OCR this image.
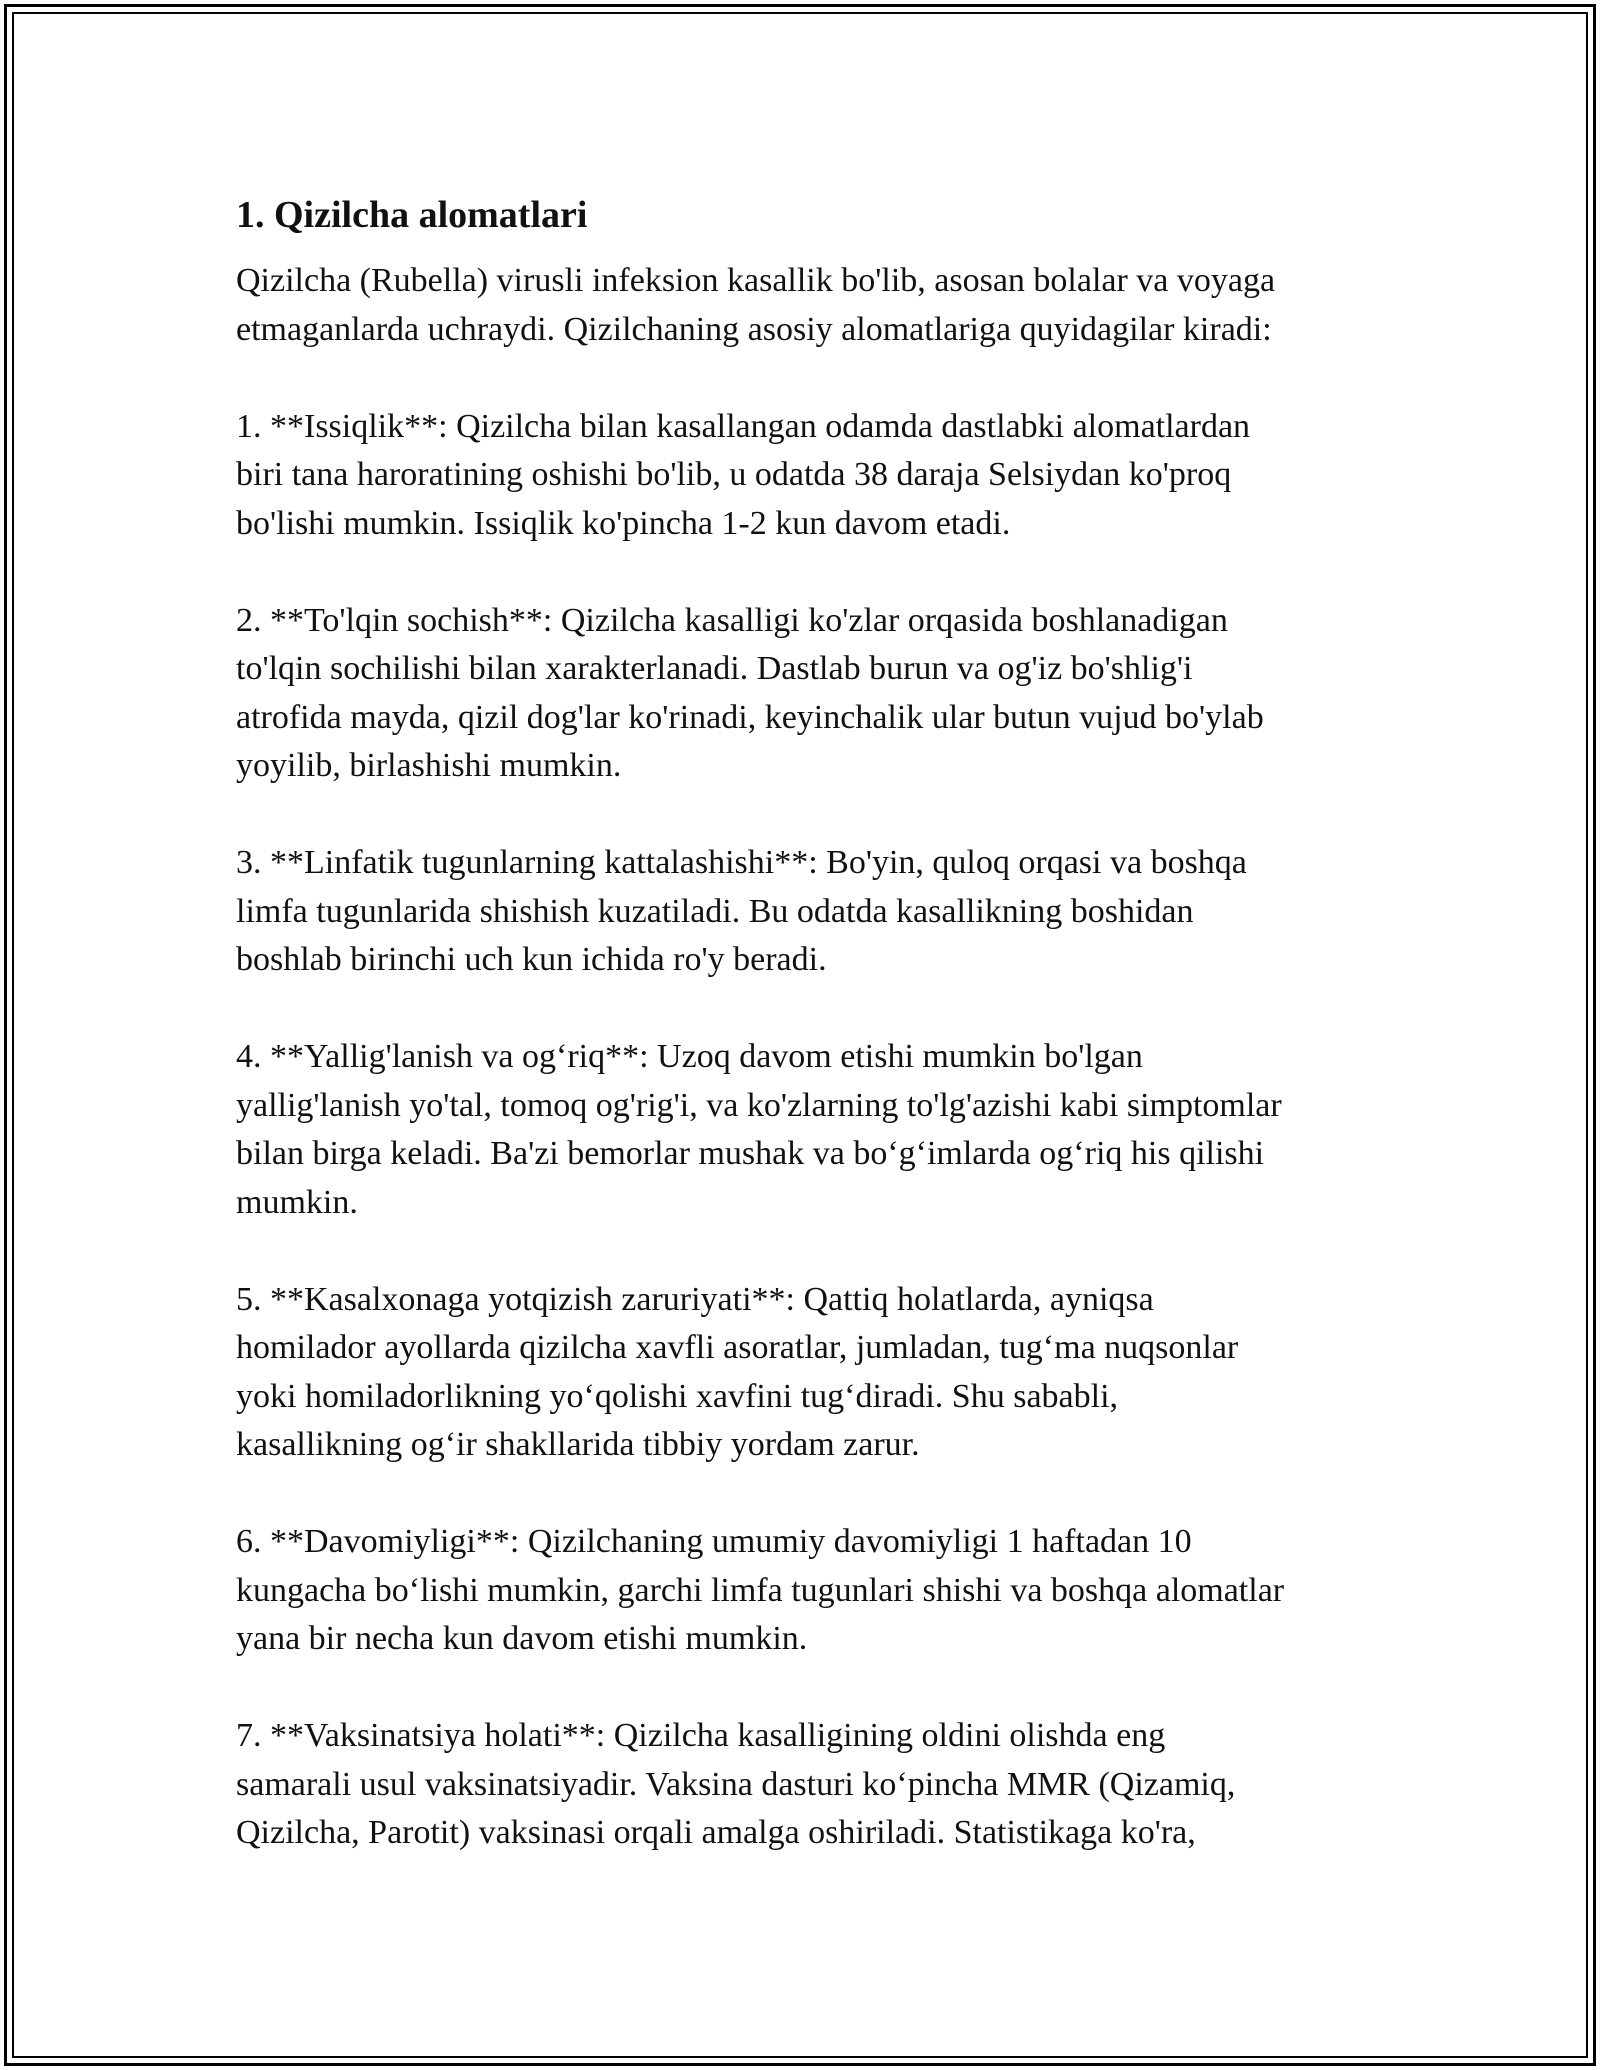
1. Qizilcha alomatlari

Qizilcha (Rubella) virusli infeksion kasallik bo'lib, asosan bolalar va voyaga
etmaganlarda uchraydi. Qizilchaning asosiy alomatlariga quyidagilar kiradi:

1. **Issiqlik**: Qizilcha bilan kasallangan odamda dastlabki alomatlardan
biri tana haroratining oshishi bo'lib, u odatda 38 daraja Selsiydan ko'proq
bo'lishi mumkin. Issiqlik ko'pincha 1-2 kun davom etadi.

2. **To'lqin sochish**: Qizilcha kasalligi ko'zlar orqasida boshlanadigan
to'lqin sochilishi bilan xarakterlanadi. Dastlab burun va og'iz bo'shlig'i
atrofida mayda, qizil dog'lar ko'rinadi, keyinchalik ular butun vujud bo'ylab
yoyilib, birlashishi mumkin.

3. **Linfatik tugunlarning kattalashishi**: Bo'yin, quloq orqasi va boshqa
limfa tugunlarida shishish kuzatiladi. Bu odatda kasallikning boshidan
boshlab birinchi uch kun ichida ro'y beradi.

4. **Yallig'lanish va og‘riq**: Uzoq davom etishi mumkin bo'lgan
yallig'lanish yo'tal, tomoq og'rig'i, va ko'zlarning to'lg'azishi kabi simptomlar
bilan birga keladi. Ba'zi bemorlar mushak va bo‘g‘imlarda og‘riq his qilishi
mumkin.

5. **Kasalxonaga yotqizish zaruriyati**: Qattiq holatlarda, ayniqsa
homilador ayollarda qizilcha xavfli asoratlar, jumladan, tug‘ma nuqsonlar
yoki homiladorlikning yo‘qolishi xavfini tug‘diradi. Shu sababli,
kasallikning og‘ir shakllarida tibbiy yordam zarur.

6. **Davomiyligi**: Qizilchaning umumiy davomiyligi 1 haftadan 10
kungacha bo‘lishi mumkin, garchi limfa tugunlari shishi va boshqa alomatlar
yana bir necha kun davom etishi mumkin.

7. **Vaksinatsiya holati**: Qizilcha kasalligining oldini olishda eng
samarali usul vaksinatsiyadir. Vaksina dasturi ko‘pincha MMR (Qizamiq,
Qizilcha, Parotit) vaksinasi orqali amalga oshiriladi. Statistikaga ko'ra,
